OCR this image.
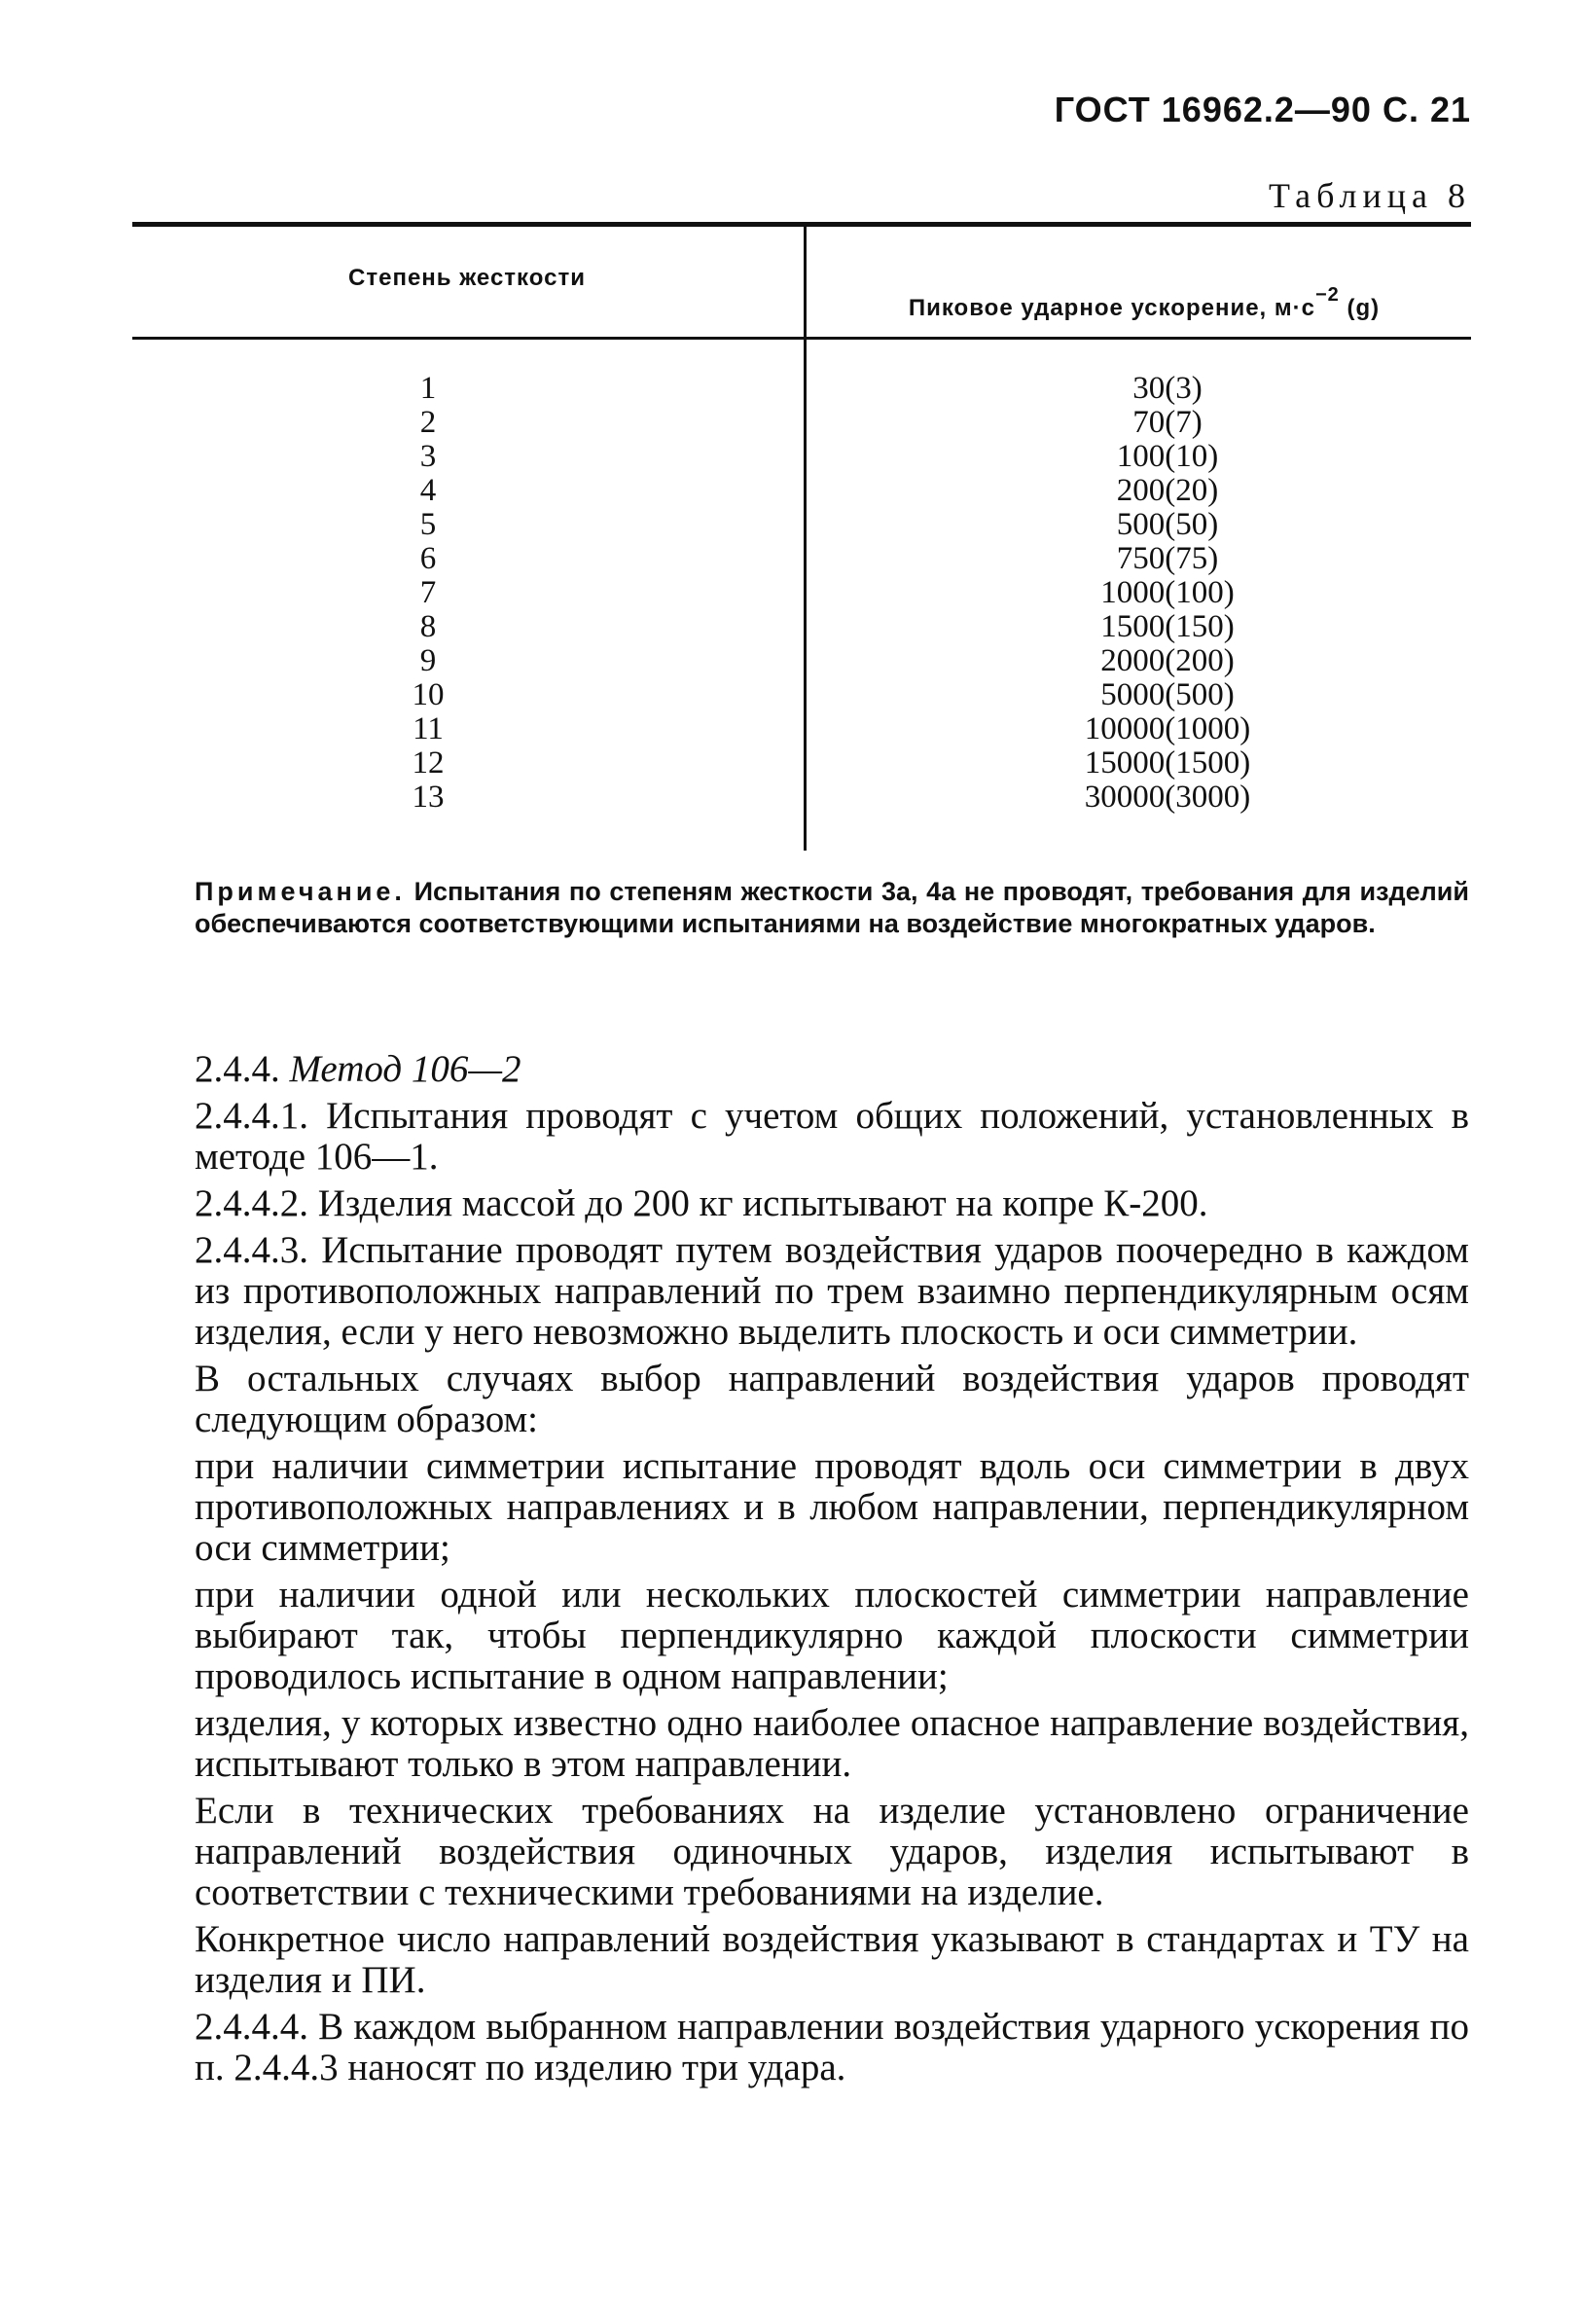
ГОСТ 16962.2—90 С. 21
Таблица 8
Степень жесткости
Пиковое ударное ускорение, $м\cdot с^{-2}$ (g)
1
2
3
4
5
6
7
8
9
10
11
12
13
30(3)
70(7)
100(10)
200(20)
500(50)
750(75)
1000(100)
1500(150)
2000(200)
5000(500)
10000(1000)
15000(1500)
30000(3000)
Примечание. Испытания по степеням жесткости 3а, 4а не проводят, требования для изделий обеспечиваются соответствующими испытаниями на воздействие многократных ударов.
2.4.4. Метод 106—2

2.4.4.1. Испытания проводят с учетом общих положений, установленных в методе 106—1.

2.4.4.2. Изделия массой до 200 кг испытывают на копре К-200.

2.4.4.3. Испытание проводят путем воздействия ударов поочередно в каждом из противоположных направлений по трем взаимно перпендикулярным осям изделия, если у него невозможно выделить плоскость и оси симметрии.

В остальных случаях выбор направлений воздействия ударов проводят следующим образом:

при наличии симметрии испытание проводят вдоль оси симметрии в двух противоположных направлениях и в любом направлении, перпендикулярном оси симметрии;

при наличии одной или нескольких плоскостей симметрии направление выбирают так, чтобы перпендикулярно каждой плоскости симметрии проводилось испытание в одном направлении;

изделия, у которых известно одно наиболее опасное направление воздействия, испытывают только в этом направлении.

Если в технических требованиях на изделие установлено ограничение направлений воздействия одиночных ударов, изделия испытывают в соответствии с техническими требованиями на изделие.

Конкретное число направлений воздействия указывают в стандартах и ТУ на изделия и ПИ.

2.4.4.4. В каждом выбранном направлении воздействия ударного ускорения по п. 2.4.4.3 наносят по изделию три удара.
